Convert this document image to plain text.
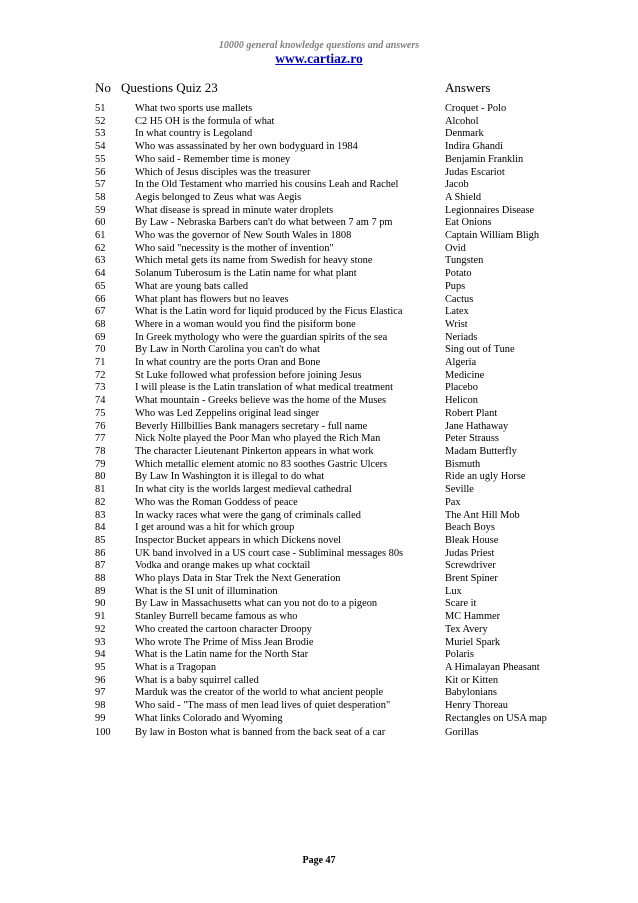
10000 general knowledge questions and answers
www.cartiaz.ro
No Questions Quiz 23	Answers
51	What two sports use mallets	Croquet - Polo
52	C2 H5 OH is the formula of what	Alcohol
53	In what country is Legoland	Denmark
54	Who was assassinated by her own bodyguard in 1984	Indira Ghandi
55	Who said - Remember time is money	Benjamin Franklin
56	Which of Jesus disciples was the treasurer	Judas Escariot
57	In the Old Testament who married his cousins Leah and Rachel	Jacob
58	Aegis belonged to Zeus what was Aegis	A Shield
59	What disease is spread in minute water droplets	Legionnaires Disease
60	By Law - Nebraska Barbers can't do what between 7 am 7 pm	Eat Onions
61	Who was the governor of New South Wales in 1808	Captain William Bligh
62	Who said "necessity is the mother of invention"	Ovid
63	Which metal gets its name from Swedish for heavy stone	Tungsten
64	Solanum Tuberosum is the Latin name for what plant	Potato
65	What are young bats called	Pups
66	What plant has flowers but no leaves	Cactus
67	What is the Latin word for liquid produced by the Ficus Elastica	Latex
68	Where in a woman would you find the pisiform bone	Wrist
69	In Greek mythology who were the guardian spirits of the sea	Neriads
70	By Law in North Carolina you can't do what	Sing out of Tune
71	In what country are the ports Oran and Bone	Algeria
72	St Luke followed what profession before joining Jesus	Medicine
73	I will please is the Latin translation of what medical treatment	Placebo
74	What mountain - Greeks believe was the home of the Muses	Helicon
75	Who was Led Zeppelins original lead singer	Robert Plant
76	Beverly Hillbillies Bank managers secretary - full name	Jane Hathaway
77	Nick Nolte played the Poor Man who played the Rich Man	Peter Strauss
78	The character Lieutenant Pinkerton appears in what work	Madam Butterfly
79	Which metallic element atomic no 83 soothes Gastric Ulcers	Bismuth
80	By Law In Washington it is illegal to do what	Ride an ugly Horse
81	In what city is the worlds largest medieval cathedral	Seville
82	Who was the Roman Goddess of peace	Pax
83	In wacky races what were the gang of criminals called	The Ant Hill Mob
84	I get around was a hit for which group	Beach Boys
85	Inspector Bucket appears in which Dickens novel	Bleak House
86	UK band involved in a US court case - Subliminal messages 80s	Judas Priest
87	Vodka and orange makes up what cocktail	Screwdriver
88	Who plays Data in Star Trek the Next Generation	Brent Spiner
89	What is the SI unit of illumination	Lux
90	By Law in Massachusetts what can you not do to a pigeon	Scare it
91	Stanley Burrell became famous as who	MC Hammer
92	Who created the cartoon character Droopy	Tex Avery
93	Who wrote The Prime of Miss Jean Brodie	Muriel Spark
94	What is the Latin name for the North Star	Polaris
95	What is a Tragopan	A Himalayan Pheasant
96	What is a baby squirrel called	Kit or Kitten
97	Marduk was the creator of the world to what ancient people	Babylonians
98	Who said - "The mass of men lead lives of quiet desperation"	Henry Thoreau
99	What links Colorado and Wyoming	Rectangles on USA map
100	By law in Boston what is banned from the back seat of a car	Gorillas
Page 47
